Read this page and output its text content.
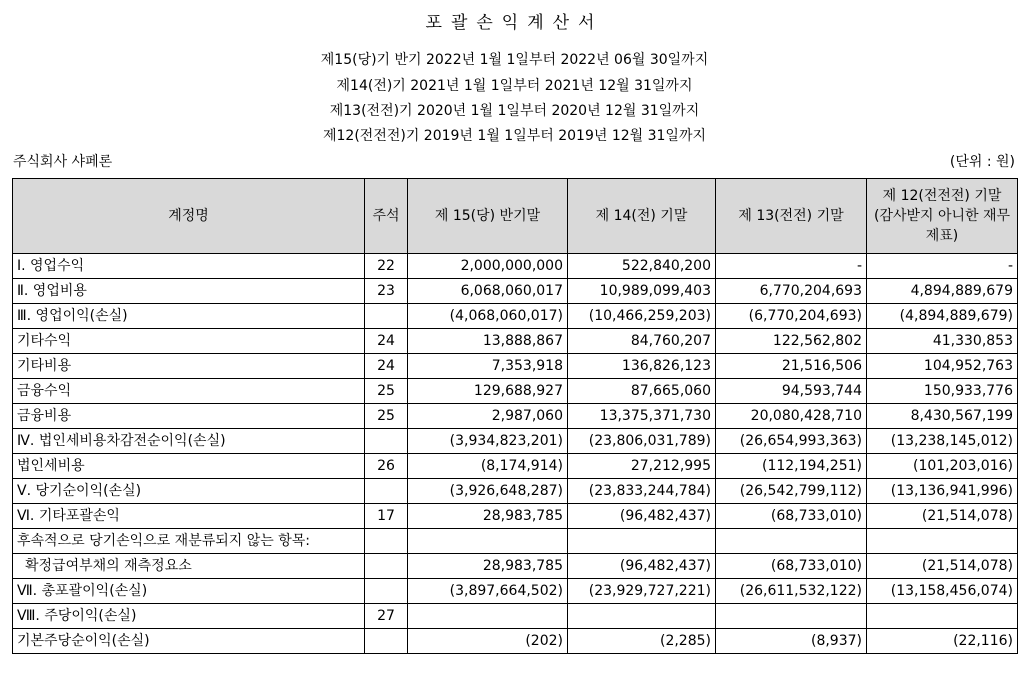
포괄손익계산서
제15(당)기 반기 2022년 1월 1일부터 2022년 06월 30일까지
제14(전)기 2021년 1월 1일부터 2021년 12월 31일까지
제13(전전)기 2020년 1월 1일부터 2020년 12월 31일까지
제12(전전전)기 2019년 1월 1일부터 2019년 12월 31일까지
주식회사 샤페론	(단위 : 원)
계정명	주석	제 15(당) 반기말	제 14(전) 기말	제 13(전전) 기말	제 12(전전전) 기말 (감사받지 아니한 재무제표)
Ⅰ. 영업수익	22	2,000,000,000	522,840,200	-	-
Ⅱ. 영업비용	23	6,068,060,017	10,989,099,403	6,770,204,693	4,894,889,679
Ⅲ. 영업이익(손실)		(4,068,060,017)	(10,466,259,203)	(6,770,204,693)	(4,894,889,679)
기타수익	24	13,888,867	84,760,207	122,562,802	41,330,853
기타비용	24	7,353,918	136,826,123	21,516,506	104,952,763
금융수익	25	129,688,927	87,665,060	94,593,744	150,933,776
금융비용	25	2,987,060	13,375,371,730	20,080,428,710	8,430,567,199
Ⅳ. 법인세비용차감전순이익(손실)		(3,934,823,201)	(23,806,031,789)	(26,654,993,363)	(13,238,145,012)
법인세비용	26	(8,174,914)	27,212,995	(112,194,251)	(101,203,016)
Ⅴ. 당기순이익(손실)		(3,926,648,287)	(23,833,244,784)	(26,542,799,112)	(13,136,941,996)
Ⅵ. 기타포괄손익	17	28,983,785	(96,482,437)	(68,733,010)	(21,514,078)
후속적으로 당기손익으로 재분류되지 않는 항목:					
확정급여부채의 재측정요소		28,983,785	(96,482,437)	(68,733,010)	(21,514,078)
Ⅶ. 총포괄이익(손실)		(3,897,664,502)	(23,929,727,221)	(26,611,532,122)	(13,158,456,074)
Ⅷ. 주당이익(손실)	27				
기본주당순이익(손실)		(202)	(2,285)	(8,937)	(22,116)
